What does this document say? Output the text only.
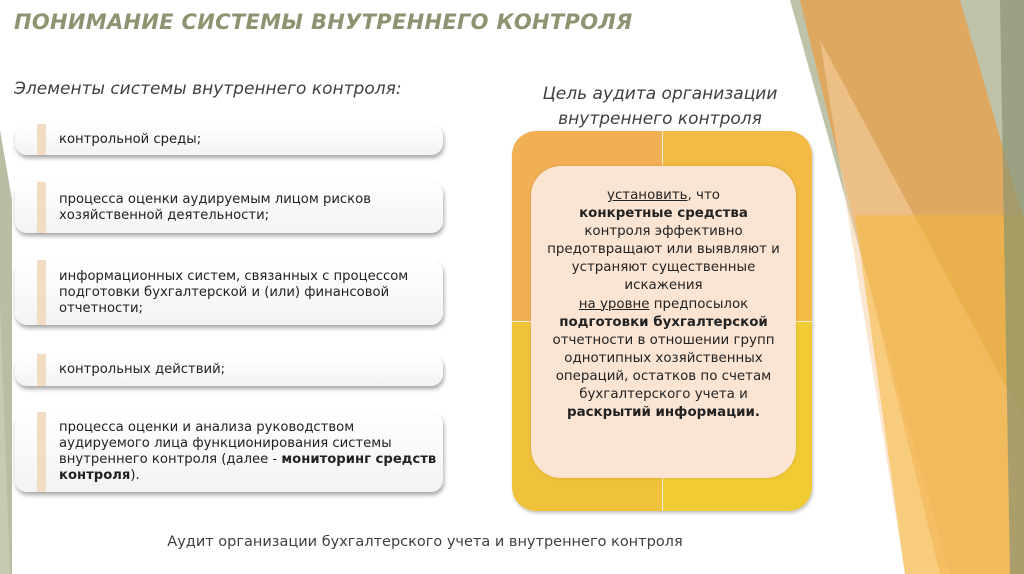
ПОНИМАНИЕ СИСТЕМЫ ВНУТРЕННЕГО КОНТРОЛЯ
Элементы системы внутреннего контроля:	Цель аудита организации
внутреннего контроля
контрольной среды;
процесса оценки аудируемым лицом рисков хозяйственной деятельности;
информационных систем, связанных с процессом подготовки бухгалтерской и (или) финансовой отчетности;
контрольных действий;
процесса оценки и анализа руководством аудируемого лица функционирования системы внутреннего контроля (далее - мониторинг средств контроля).
установить, что
конкретные средства
контроля эффективно предотвращают или выявляют и устраняют существенные искажения
на уровне предпосылок
подготовки бухгалтерской
отчетности в отношении групп однотипных хозяйственных операций, остатков по счетам бухгалтерского учета и
раскрытий информации.
Аудит организации бухгалтерского учета и внутреннего контроля
